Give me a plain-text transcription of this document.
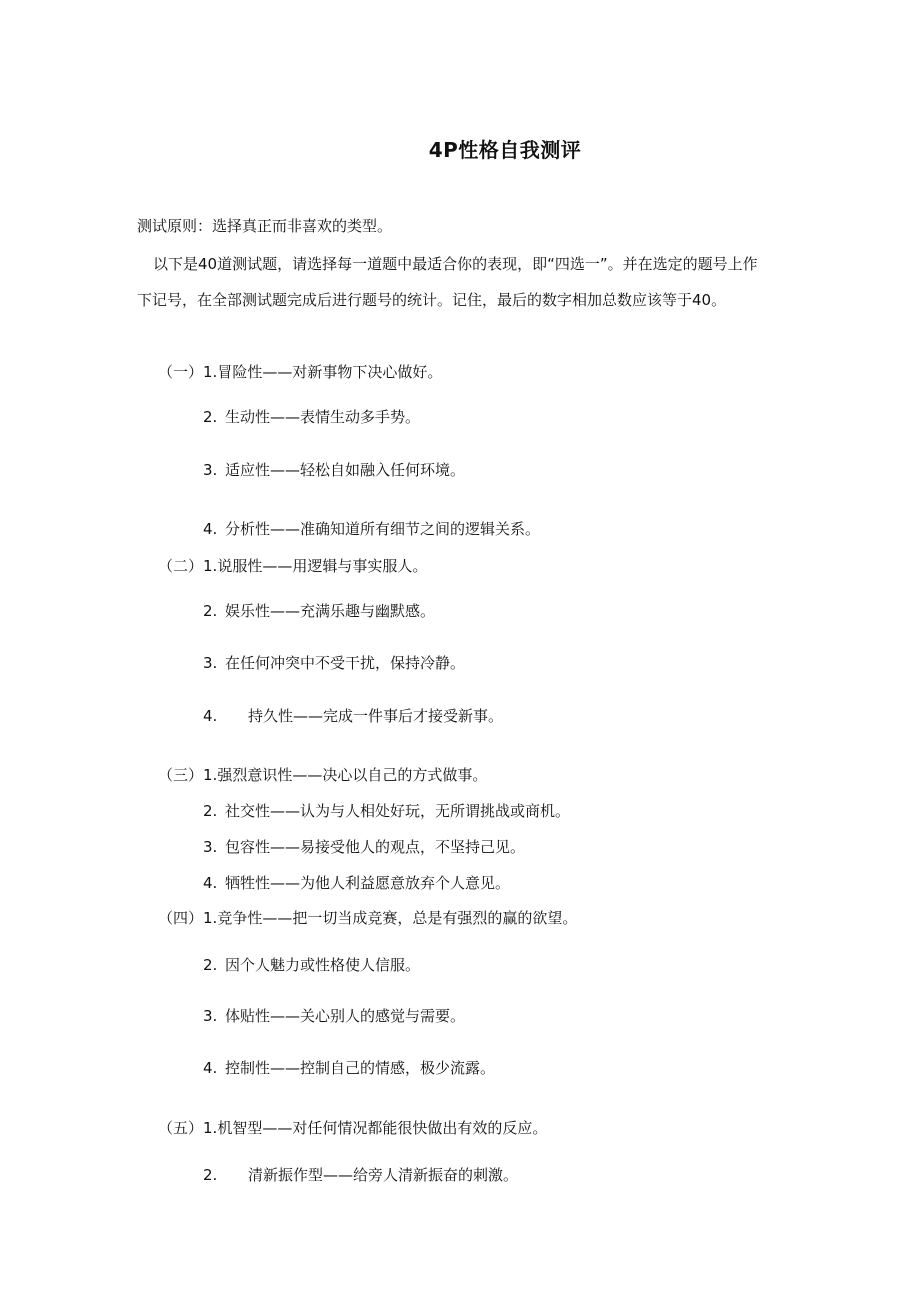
4P性格自我测评
测试原则：选择真正而非喜欢的类型。
以下是40道测试题，请选择每一道题中最适合你的表现，即“四选一”。并在选定的题号上作
下记号，在全部测试题完成后进行题号的统计。记住，最后的数字相加总数应该等于40。
（一）1.冒险性——对新事物下决心做好。
2. 生动性——表情生动多手势。
3. 适应性——轻松自如融入任何环境。
4. 分析性——准确知道所有细节之间的逻辑关系。
（二）1.说服性——用逻辑与事实服人。
2. 娱乐性——充满乐趣与幽默感。
3. 在任何冲突中不受干扰，保持冷静。
4. 持久性——完成一件事后才接受新事。
（三）1.强烈意识性——决心以自己的方式做事。
2. 社交性——认为与人相处好玩，无所谓挑战或商机。
3. 包容性——易接受他人的观点，不坚持己见。
4. 牺牲性——为他人利益愿意放弃个人意见。
（四）1.竞争性——把一切当成竞赛，总是有强烈的赢的欲望。
2. 因个人魅力或性格使人信服。
3. 体贴性——关心别人的感觉与需要。
4. 控制性——控制自己的情感，极少流露。
（五）1.机智型——对任何情况都能很快做出有效的反应。
2. 清新振作型——给旁人清新振奋的刺激。
